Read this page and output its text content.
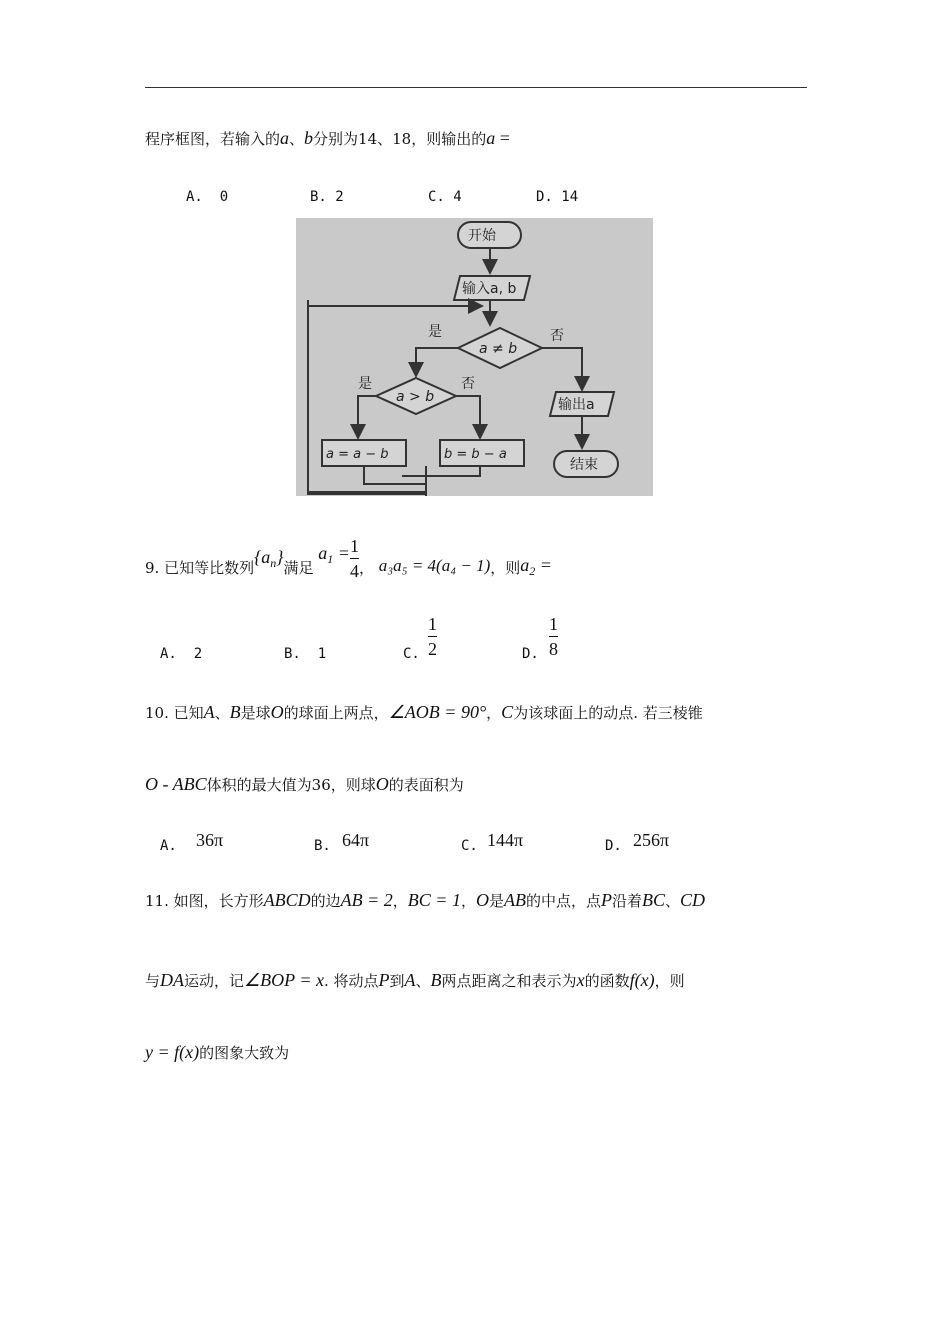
程序框图，若输入的a、b分别为14、18，则输出的a =
A. 0	B. 2	C. 4	D. 14
开始
输入a, b
a ≠ b
a > b
是	否
是	否
a = a − b	b = b − a
输出a
结束
9. 已知等比数列$\{a_n\}$满足 $a_1 = \frac{1}{4}$ ， a₃a₅ = 4(a₄ − 1)，则$a_2$ =
A. 2	B. 1	C.
1
2	D.
1
8
10. 已知A、B是球O的球面上两点，∠AOB = 90°，C为该球面上的动点. 若三棱锥
O - ABC体积的最大值为36，则球O的表面积为
A. 36π	B. 64π	C. 144π	D. 256π
11. 如图，长方形ABCD的边AB = 2，BC = 1，O是AB的中点，点P沿着BC、CD
与DA运动，记∠BOP = x. 将动点P到A、B两点距离之和表示为x的函数f(x)，则
y = f(x)的图象大致为
